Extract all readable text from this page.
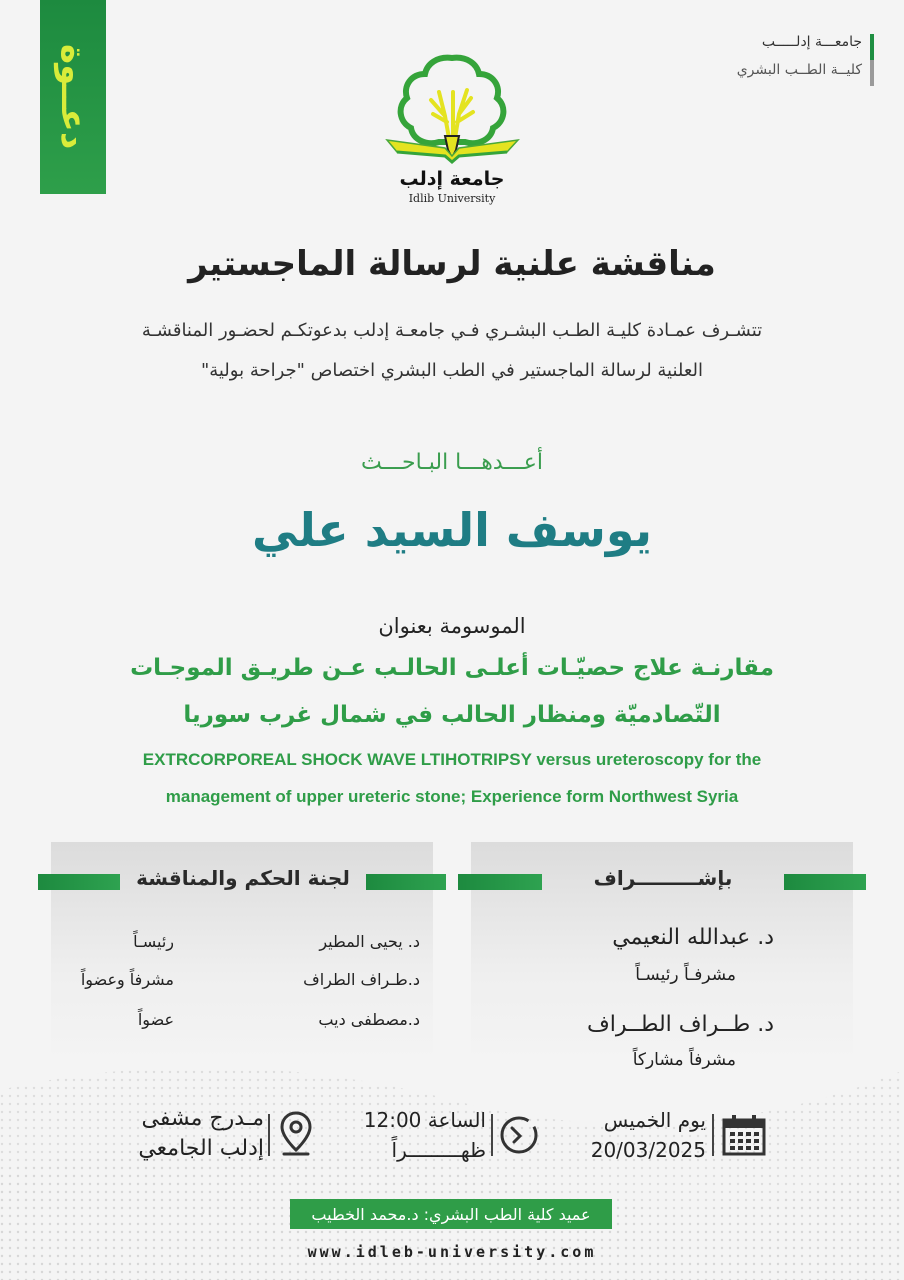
دعــوة
جامعـــة إدلـــــب
كليــة الطــب البشري
جامعة إدلب
Idlib University
مناقشة علنية لرسالة الماجستير
تتشـرف عمـادة كليـة الطـب البشـري فـي جامعـة إدلب بدعوتكـم لحضـور المناقشـة
العلنية لرسالة الماجستير في الطب البشري اختصاص "جراحة بولية"
أعـــدهـــا البـاحـــث
يوسف السيد علي
الموسومة بعنوان
مقارنـة علاج حصيّـات أعلـى الحالـب عـن طريـق الموجـات
التّصادميّة ومنظار الحالب في شمال غرب سوريا
EXTRCORPOREAL SHOCK WAVE LTIHOTRIPSY versus ureteroscopy for the
management of upper ureteric stone; Experience form Northwest Syria
لجنة الحكم والمناقشة
د. يحيى المطير
رئيسـاً
د.طـراف الطراف
مشرفاً وعضواً
د.مصطفى ديب
عضواً
بإشـــــــــراف
د. عبدالله النعيمي
مشرفـاً رئيسـاً
د. طــراف الطــراف
مشرفاً مشاركاً
يوم الخميس
20/03/2025
الساعة 12:00
ظهـــــــــراً
مـدرج مشفى
إدلب الجامعي
عميد كلية الطب البشري: د.محمد الخطيب
www.idleb-university.com
